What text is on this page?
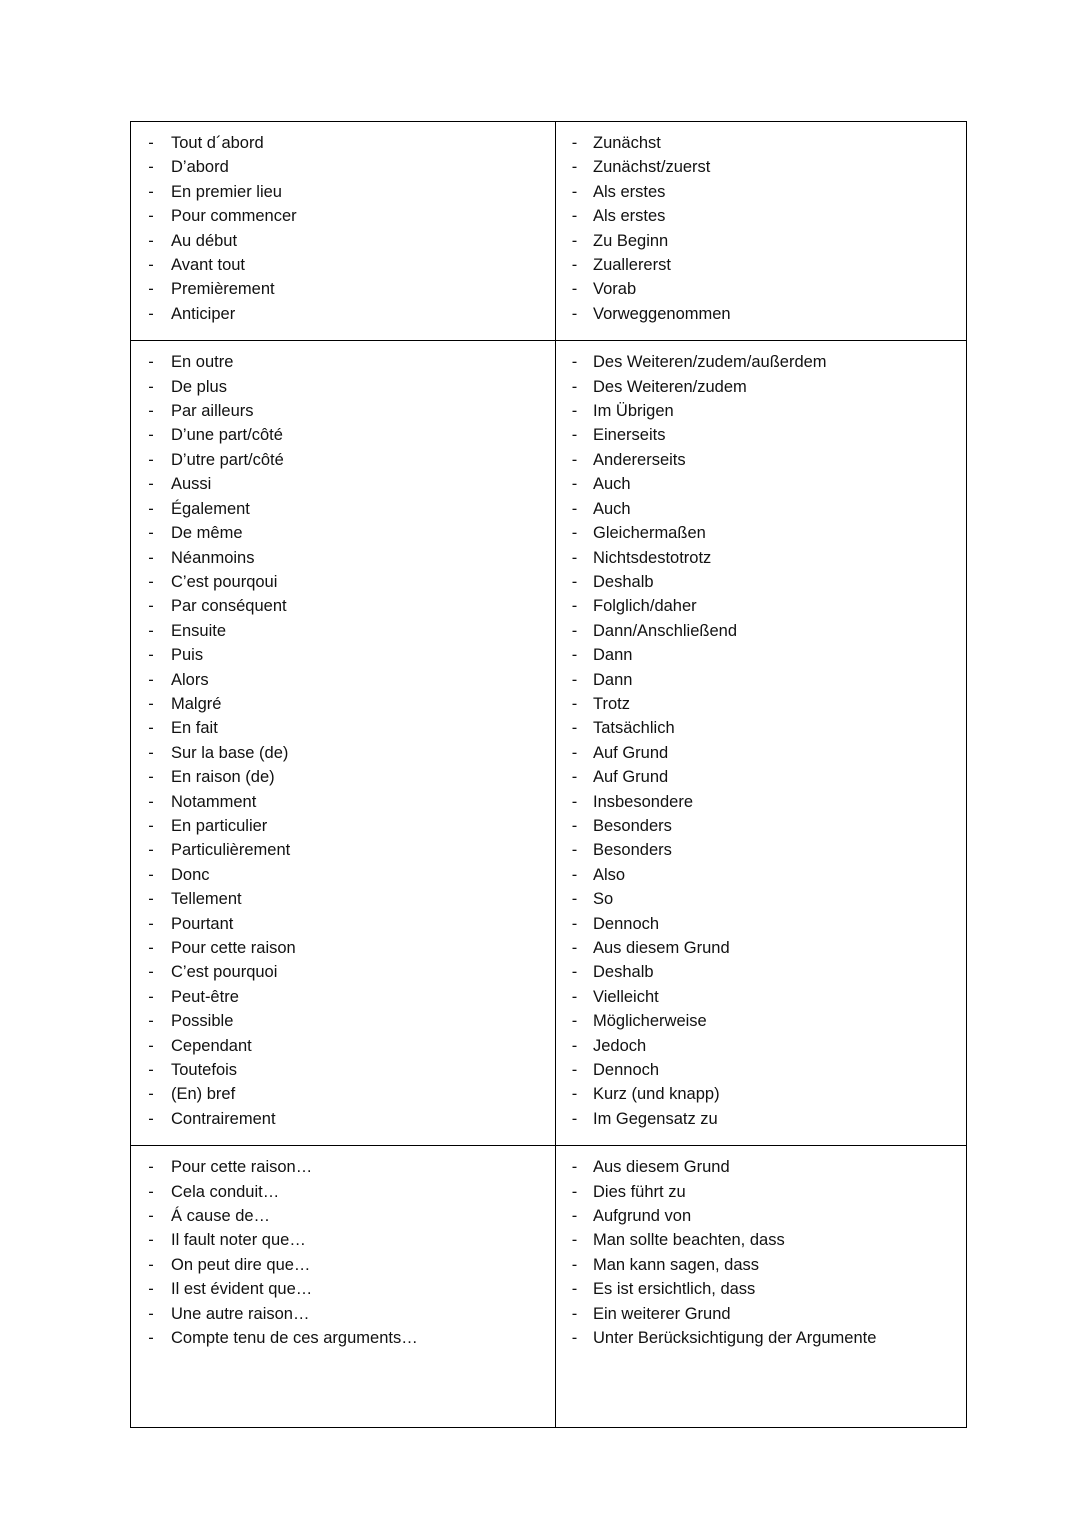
-	Tout d´abord
-	D’abord
-	En premier lieu
-	Pour commencer
-	Au début
-	Avant tout
-	Premièrement
-	Anticiper

- Zunächst
- Zunächst/zuerst
- Als erstes
- Als erstes
- Zu Beginn
- Zuallererst
- Vorab
- Vorweggenommen

-	En outre
-	De plus
-	Par ailleurs
-	D’une part/côté
-	D’utre part/côté
-	Aussi
-	Également
-	De même
-	Néanmoins
-	C’est pourqoui
-	Par conséquent
-	Ensuite
-	Puis
-	Alors
-	Malgré
-	En fait
-	Sur la base (de)
-	En raison (de)
-	Notamment
-	En particulier
-	Particulièrement
-	Donc
-	Tellement
-	Pourtant
-	Pour cette raison
-	C’est pourquoi
-	Peut-être
-	Possible
-	Cependant
-	Toutefois
-	(En) bref
-	Contrairement

- Des Weiteren/zudem/außerdem
- Des Weiteren/zudem
- Im Übrigen
- Einerseits
- Andererseits
- Auch
- Auch
- Gleichermaßen
- Nichtsdestotrotz
- Deshalb
- Folglich/daher
- Dann/Anschließend
- Dann
- Dann
- Trotz
- Tatsächlich
- Auf Grund
- Auf Grund
- Insbesondere
- Besonders
- Besonders
- Also
- So
- Dennoch
- Aus diesem Grund
- Deshalb
- Vielleicht
- Möglicherweise
- Jedoch
- Dennoch
- Kurz (und knapp)
- Im Gegensatz zu

-	Pour cette raison…
-	Cela conduit…
-	Á cause de…
-	Il fault noter que…
-	On peut dire que…
-	Il est évident que…
-	Une autre raison…
-	Compte tenu de ces arguments…

- Aus diesem Grund
- Dies führt zu
- Aufgrund von
- Man sollte beachten, dass
- Man kann sagen, dass
- Es ist ersichtlich, dass
- Ein weiterer Grund
- Unter Berücksichtigung der Argumente
